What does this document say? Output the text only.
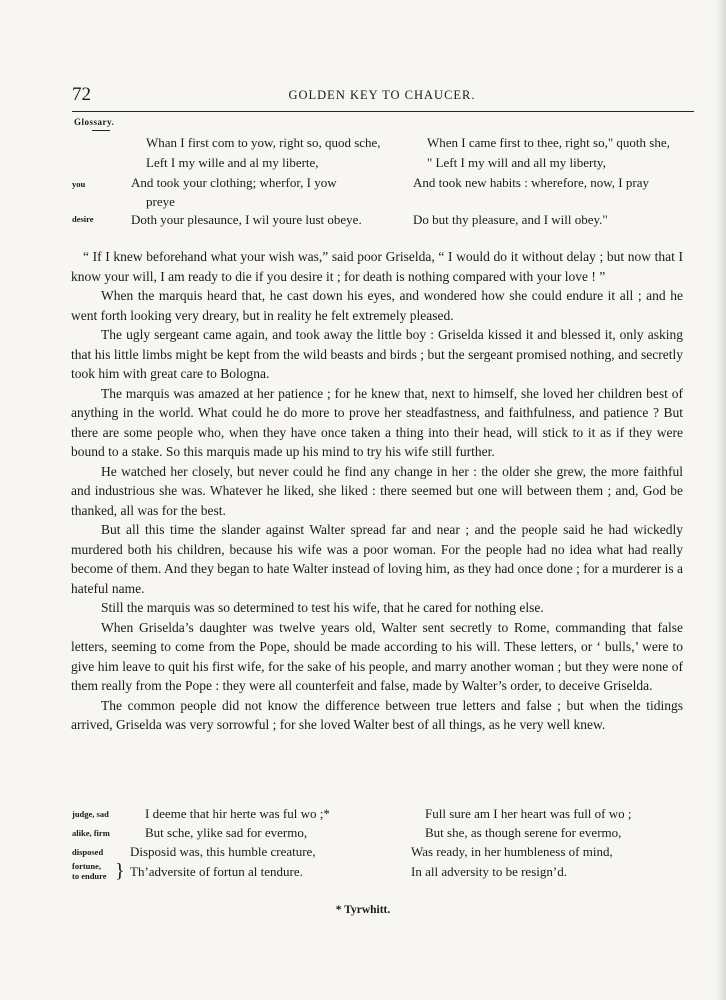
72	GOLDEN KEY TO CHAUCER.
Glossary.
Whan I first com to yow, right so, quod sche,
Left I my wille and al my liberte,
And took your clothing; wherfor, I yow
preye
Doth your plesaunce, I wil youre lust obeye.
When I came first to thee, right so," quoth she,
" Left I my will and all my liberty,
And took new habits : wherefore, now, I pray
Do but thy pleasure, and I will obey."
you
desire

“ If I knew beforehand what your wish was,” said poor Griselda, “ I would do it without delay ; but now that I know your will, I am ready to die if you desire it ; for death is nothing compared with your love ! ”

When the marquis heard that, he cast down his eyes, and wondered how she could endure it all ; and he went forth looking very dreary, but in reality he felt extremely pleased.

The ugly sergeant came again, and took away the little boy : Griselda kissed it and blessed it, only asking that his little limbs might be kept from the wild beasts and birds ; but the sergeant promised nothing, and secretly took him with great care to Bologna.

The marquis was amazed at her patience ; for he knew that, next to himself, she loved her children best of anything in the world. What could he do more to prove her steadfastness, and faithfulness, and patience ? But there are some people who, when they have once taken a thing into their head, will stick to it as if they were bound to a stake. So this marquis made up his mind to try his wife still further.

He watched her closely, but never could he find any change in her : the older she grew, the more faithful and industrious she was. Whatever he liked, she liked : there seemed but one will between them ; and, God be thanked, all was for the best.

But all this time the slander against Walter spread far and near ; and the people said he had wickedly murdered both his children, because his wife was a poor woman. For the people had no idea what had really become of them. And they began to hate Walter instead of loving him, as they had once done ; for a murderer is a hateful name.

Still the marquis was so determined to test his wife, that he cared for nothing else.

When Griselda’s daughter was twelve years old, Walter sent secretly to Rome, commanding that false letters, seeming to come from the Pope, should be made according to his will. These letters, or ‘ bulls,’ were to give him leave to quit his first wife, for the sake of his people, and marry another woman ; but they were none of them really from the Pope : they were all counterfeit and false, made by Walter’s order, to deceive Griselda.

The common people did not know the difference between true letters and false ; but when the tidings arrived, Griselda was very sorrowful ; for she loved Walter best of all things, as he very well knew.

judge, sad
alike, firm
disposed
fortune,
to endure }
I deeme that hir herte was ful wo ;*
But sche, ylike sad for evermo,
Disposid was, this humble creature,
Th’adversite of fortun al tendure.
Full sure am I her heart was full of wo ;
But she, as though serene for evermo,
Was ready, in her humbleness of mind,
In all adversity to be resign’d.
* Tyrwhitt.
